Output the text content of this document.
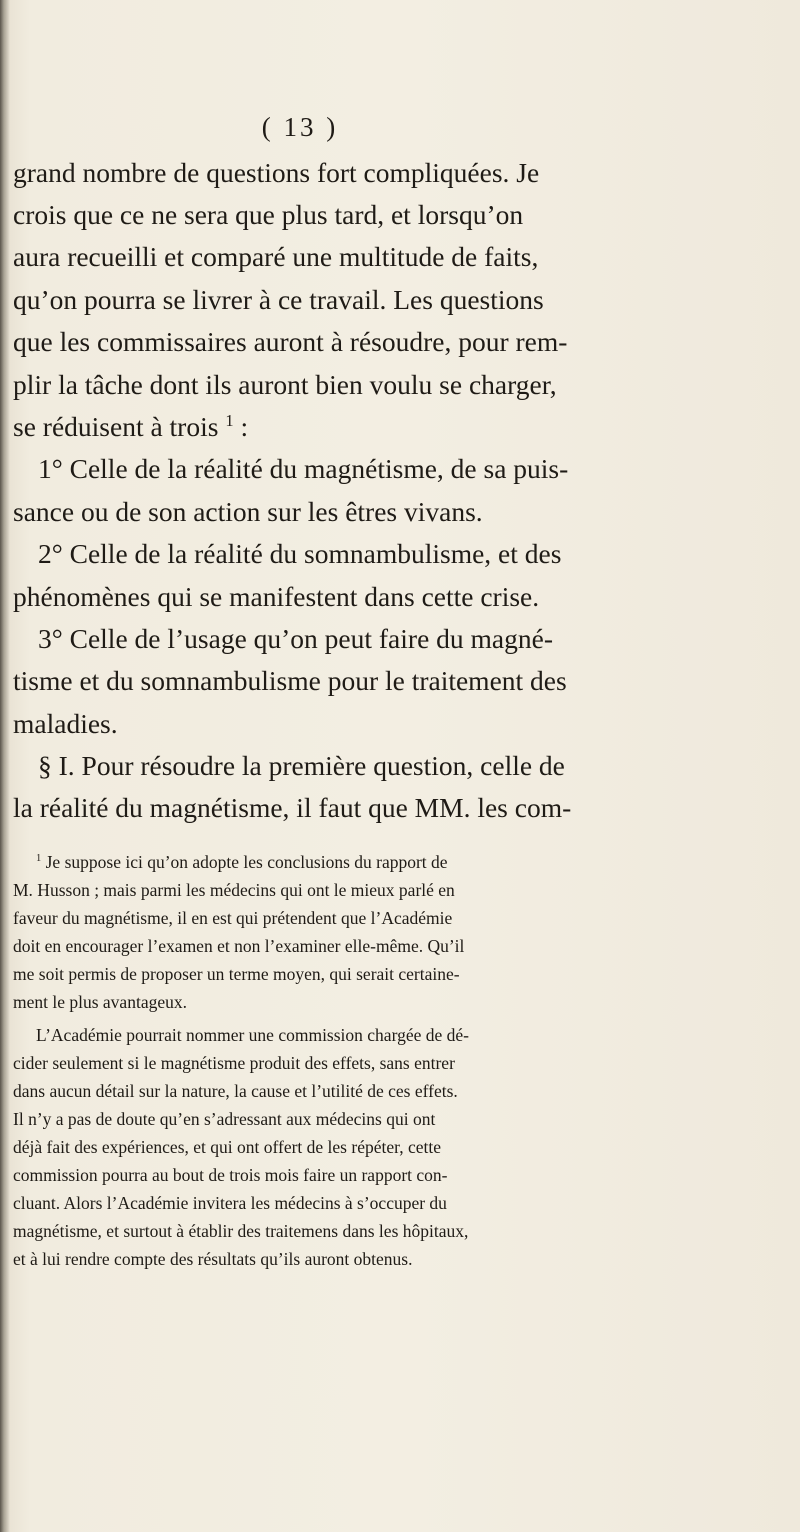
( 13 )
grand nombre de questions fort compliquées. Je
crois que ce ne sera que plus tard, et lorsqu’on
aura recueilli et comparé une multitude de faits,
qu’on pourra se livrer à ce travail. Les questions
que les commissaires auront à résoudre, pour rem-
plir la tâche dont ils auront bien voulu se charger,
se réduisent à trois $^1$ :
1° Celle de la réalité du magnétisme, de sa puis-
sance ou de son action sur les êtres vivans.
2° Celle de la réalité du somnambulisme, et des
phénomènes qui se manifestent dans cette crise.
3° Celle de l’usage qu’on peut faire du magné-
tisme et du somnambulisme pour le traitement des
maladies.
§ I. Pour résoudre la première question, celle de
la réalité du magnétisme, il faut que MM. les com-
$^1$ Je suppose ici qu’on adopte les conclusions du rapport de
M. Husson ; mais parmi les médecins qui ont le mieux parlé en
faveur du magnétisme, il en est qui prétendent que l’Académie
doit en encourager l’examen et non l’examiner elle-même. Qu’il
me soit permis de proposer un terme moyen, qui serait certaine-
ment le plus avantageux.
L’Académie pourrait nommer une commission chargée de dé-
cider seulement si le magnétisme produit des effets, sans entrer
dans aucun détail sur la nature, la cause et l’utilité de ces effets.
Il n’y a pas de doute qu’en s’adressant aux médecins qui ont
déjà fait des expériences, et qui ont offert de les répéter, cette
commission pourra au bout de trois mois faire un rapport con-
cluant. Alors l’Académie invitera les médecins à s’occuper du
magnétisme, et surtout à établir des traitemens dans les hôpitaux,
et à lui rendre compte des résultats qu’ils auront obtenus.
